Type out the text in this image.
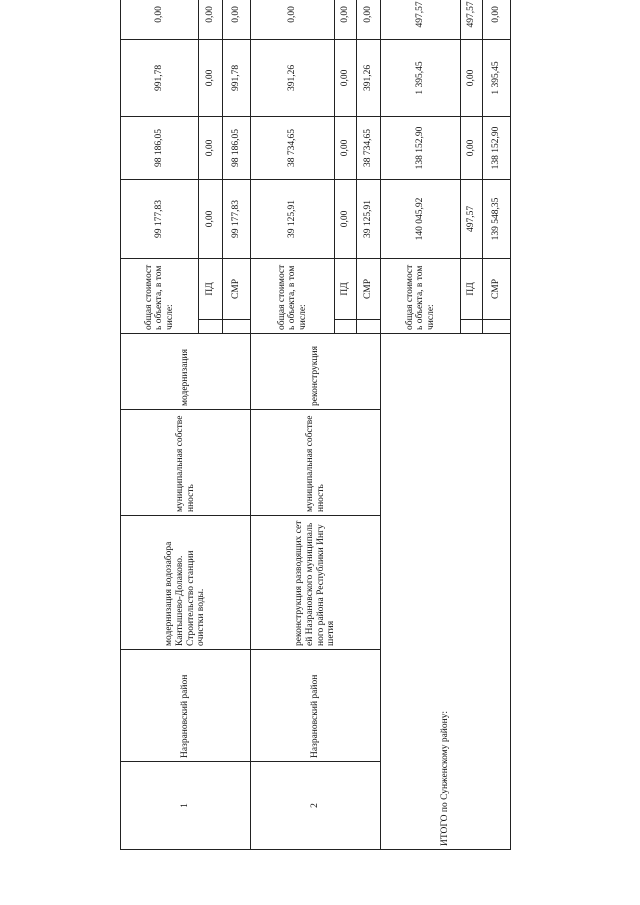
1	Назрановский район	модернизация водозабора Кантышево-Долаково. Строительство станции очистки воды.	муниципальная собственность	модернизация	общая стоимость объекта, в том числе:		99 177,83	98 186,05	991,78	0,00		
						ПД	0,00	0,00	0,00	0,00		
						СМР	99 177,83	98 186,05	991,78	0,00		
2	Назрановский район	реконструкция разводящих сетей Назрановского муниципального района Республики Ингушетия	муниципальная собственность	реконструкция	общая стоимость объекта, в том числе:		39 125,91	38 734,65	391,26	0,00		
						ПД	0,00	0,00	0,00	0,00		
						СМР	39 125,91	38 734,65	391,26	0,00		
ИТОГО по Сунженскому району:					общая стоимость объекта, в том числе:		140 045,92	138 152,90	1 395,45	497,57		
						ПД	497,57	0,00	0,00	497,57		
						СМР	139 548,35	138 152,90	1 395,45	0,00		
